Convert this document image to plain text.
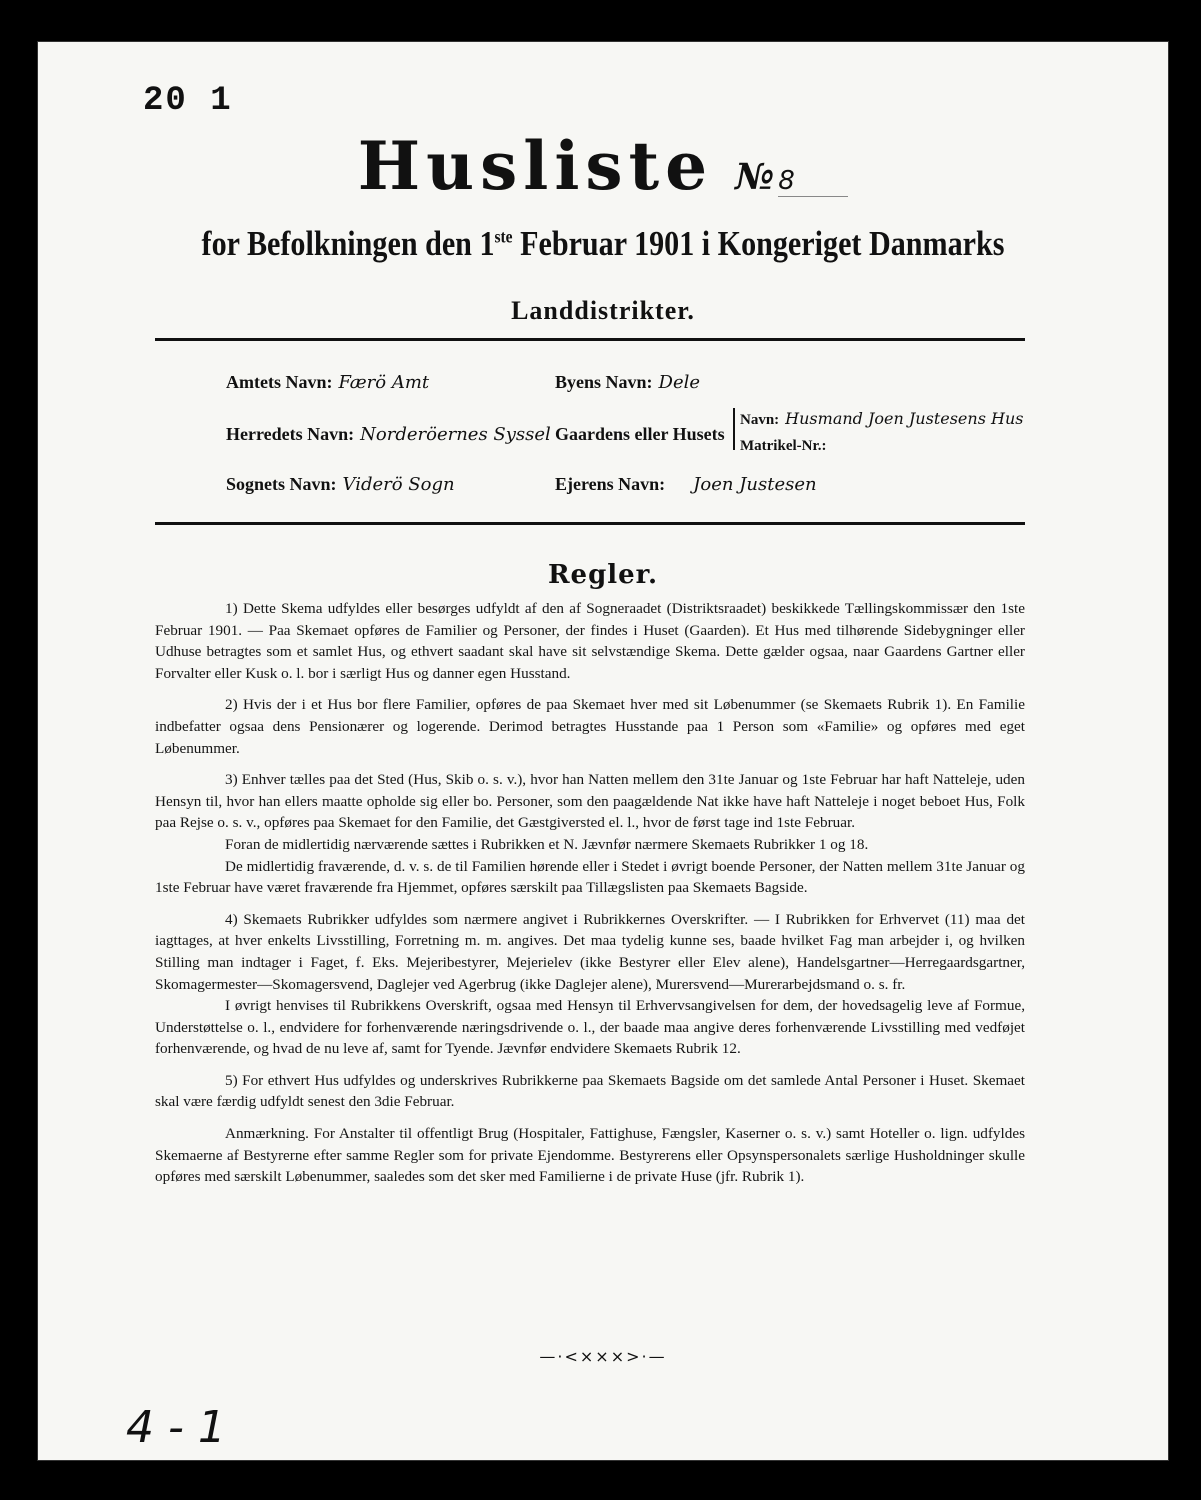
20 1
Husliste № 8
for Befolkningen den 1ste Februar 1901 i Kongeriget Danmarks
Landdistrikter.
Amtets Navn: Færö Amt
Herredets Navn: Norderöernes Syssel
Sognets Navn: Viderö Sogn
Byens Navn: Dele
Gaardens eller Husets
Navn: Husmand Joen Justesens Hus
Matrikel-Nr.:
Ejerens Navn: Joen Justesen
Regler.

1) Dette Skema udfyldes eller besørges udfyldt af den af Sogneraadet (Distriktsraadet) beskikkede Tællingskommissær den 1ste Februar 1901. — Paa Skemaet opføres de Familier og Personer, der findes i Huset (Gaarden). Et Hus med tilhørende Sidebygninger eller Udhuse betragtes som et samlet Hus, og ethvert saadant skal have sit selvstændige Skema. Dette gælder ogsaa, naar Gaardens Gartner eller Forvalter eller Kusk o. l. bor i særligt Hus og danner egen Husstand.

2) Hvis der i et Hus bor flere Familier, opføres de paa Skemaet hver med sit Løbenummer (se Skemaets Rubrik 1). En Familie indbefatter ogsaa dens Pensionærer og logerende. Derimod betragtes Husstande paa 1 Person som «Familie» og opføres med eget Løbenummer.

3) Enhver tælles paa det Sted (Hus, Skib o. s. v.), hvor han Natten mellem den 31te Januar og 1ste Februar har haft Natteleje, uden Hensyn til, hvor han ellers maatte opholde sig eller bo. Personer, som den paagældende Nat ikke have haft Natteleje i noget beboet Hus, Folk paa Rejse o. s. v., opføres paa Skemaet for den Familie, det Gæstgiversted el. l., hvor de først tage ind 1ste Februar.

Foran de midlertidig nærværende sættes i Rubrikken et N. Jævnfør nærmere Skemaets Rubrikker 1 og 18.

De midlertidig fraværende, d. v. s. de til Familien hørende eller i Stedet i øvrigt boende Personer, der Natten mellem 31te Januar og 1ste Februar have været fraværende fra Hjemmet, opføres særskilt paa Tillægslisten paa Skemaets Bagside.

4) Skemaets Rubrikker udfyldes som nærmere angivet i Rubrikkernes Overskrifter. — I Rubrikken for Erhvervet (11) maa det iagttages, at hver enkelts Livsstilling, Forretning m. m. angives. Det maa tydelig kunne ses, baade hvilket Fag man arbejder i, og hvilken Stilling man indtager i Faget, f. Eks. Mejeribestyrer, Mejerielev (ikke Bestyrer eller Elev alene), Handelsgartner—Herregaardsgartner, Skomagermester—Skomagersvend, Daglejer ved Agerbrug (ikke Daglejer alene), Murersvend—Murerarbejdsmand o. s. fr.

I øvrigt henvises til Rubrikkens Overskrift, ogsaa med Hensyn til Erhvervsangivelsen for dem, der hovedsagelig leve af Formue, Understøttelse o. l., endvidere for forhenværende næringsdrivende o. l., der baade maa angive deres forhenværende Livsstilling med vedføjet forhenværende, og hvad de nu leve af, samt for Tyende. Jævnfør endvidere Skemaets Rubrik 12.

5) For ethvert Hus udfyldes og underskrives Rubrikkerne paa Skemaets Bagside om det samlede Antal Personer i Huset. Skemaet skal være færdig udfyldt senest den 3die Februar.

Anmærkning. For Anstalter til offentligt Brug (Hospitaler, Fattighuse, Fængsler, Kaserner o. s. v.) samt Hoteller o. lign. udfyldes Skemaerne af Bestyrerne efter samme Regler som for private Ejendomme. Bestyrerens eller Opsynspersonalets særlige Husholdninger skulle opføres med særskilt Løbenummer, saaledes som det sker med Familierne i de private Huse (jfr. Rubrik 1).

—·<×××>·—
4 - 1
